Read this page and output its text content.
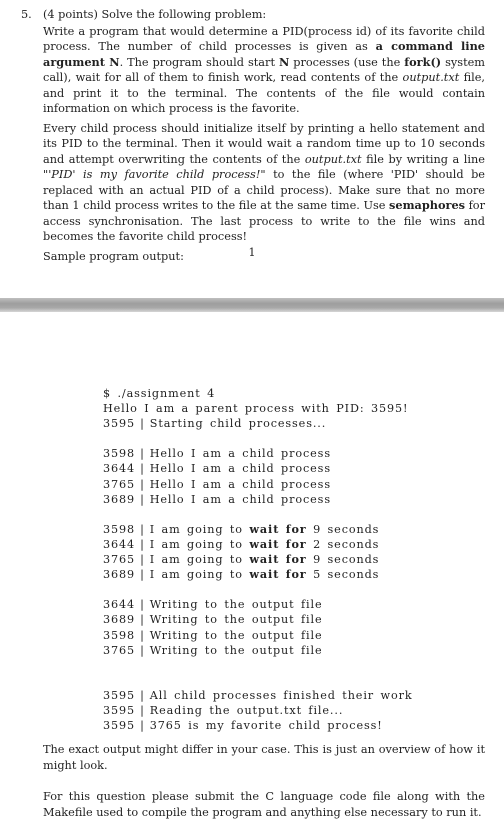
5. (4 points) Solve the following problem:

Write a program that would determine a PID(process id) of its favorite child process. The number of child processes is given as a command line argument N. The program should start N processes (use the fork() system call), wait for all of them to finish work, read contents of the output.txt file, and print it to the terminal. The contents of the file would contain information on which process is the favorite.

Every child process should initialize itself by printing a hello statement and its PID to the terminal. Then it would wait a random time up to 10 seconds and attempt overwriting the contents of the output.txt file by writing a line "'PID' is my favorite child process!" to the file (where 'PID' should be replaced with an actual PID of a child process). Make sure that no more than 1 child process writes to the file at the same time. Use semaphores for access synchronisation. The last process to write to the file wins and becomes the favorite child process!

Sample program output:	1
$ ./assignment 4
Hello I am a parent process with PID: 3595!
3595 | Starting child processes...
3598 | Hello I am a child process
3644 | Hello I am a child process
3765 | Hello I am a child process
3689 | Hello I am a child process
3598 | I am going to wait for 9 seconds
3644 | I am going to wait for 2 seconds
3765 | I am going to wait for 9 seconds
3689 | I am going to wait for 5 seconds
3644 | Writing to the output file
3689 | Writing to the output file
3598 | Writing to the output file
3765 | Writing to the output file
3595 | All child processes finished their work
3595 | Reading the output.txt file...
3595 | 3765 is my favorite child process!
The exact output might differ in your case. This is just an overview of how it might look.
For this question please submit the C language code file along with the Makefile used to compile the program and anything else necessary to run it.
